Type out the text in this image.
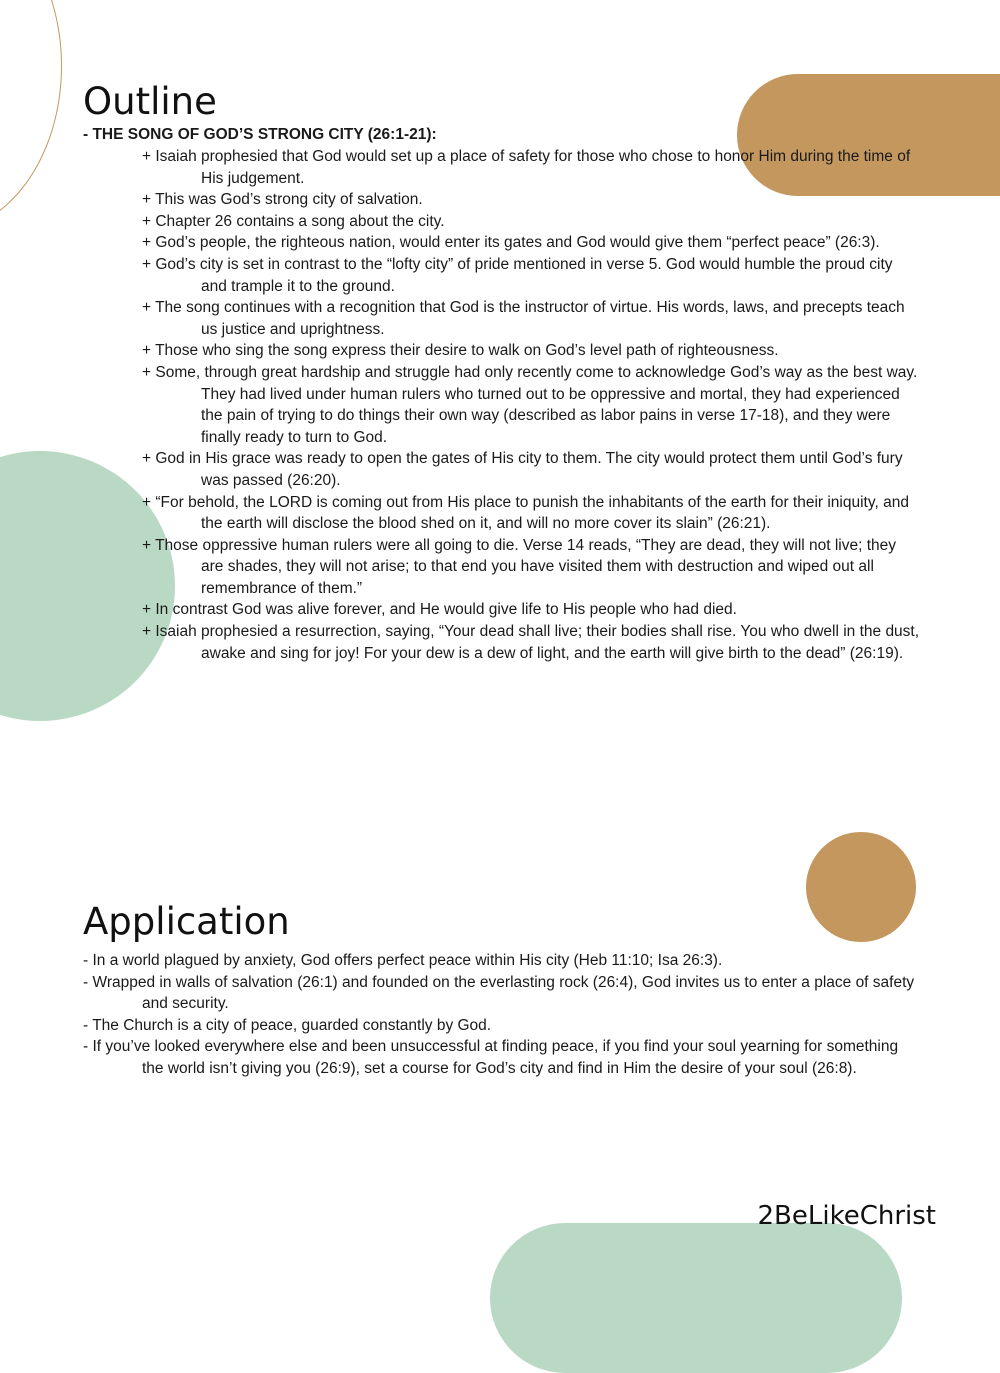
Outline

- THE SONG OF GOD’S STRONG CITY (26:1-21):

+ Isaiah prophesied that God would set up a place of safety for those who chose to honor Him during the time of His judgement.
+ This was God’s strong city of salvation.
+ Chapter 26 contains a song about the city.
+ God’s people, the righteous nation, would enter its gates and God would give them “perfect peace” (26:3).
+ God’s city is set in contrast to the “lofty city” of pride mentioned in verse 5. God would humble the proud city and trample it to the ground.
+ The song continues with a recognition that God is the instructor of virtue. His words, laws, and precepts teach us justice and uprightness.
+ Those who sing the song express their desire to walk on God’s level path of righteousness.
+ Some, through great hardship and struggle had only recently come to acknowledge God’s way as the best way. They had lived under human rulers who turned out to be oppressive and mortal, they had experienced the pain of trying to do things their own way (described as labor pains in verse 17-18), and they were finally ready to turn to God.
+ God in His grace was ready to open the gates of His city to them. The city would protect them until God’s fury was passed (26:20).
+ “For behold, the LORD is coming out from His place to punish the inhabitants of the earth for their iniquity, and the earth will disclose the blood shed on it, and will no more cover its slain” (26:21).
+ Those oppressive human rulers were all going to die. Verse 14 reads, “They are dead, they will not live; they are shades, they will not arise; to that end you have visited them with destruction and wiped out all remembrance of them.”
+ In contrast God was alive forever, and He would give life to His people who had died.
+ Isaiah prophesied a resurrection, saying, “Your dead shall live; their bodies shall rise. You who dwell in the dust, awake and sing for joy! For your dew is a dew of light, and the earth will give birth to the dead” (26:19).
Application
- In a world plagued by anxiety, God offers perfect peace within His city (Heb 11:10; Isa 26:3).
- Wrapped in walls of salvation (26:1) and founded on the everlasting rock (26:4), God invites us to enter a place of safety and security.
- The Church is a city of peace, guarded constantly by God.
- If you’ve looked everywhere else and been unsuccessful at finding peace, if you find your soul yearning for something the world isn’t giving you (26:9), set a course for God’s city and find in Him the desire of your soul (26:8).
2BeLikeChrist
